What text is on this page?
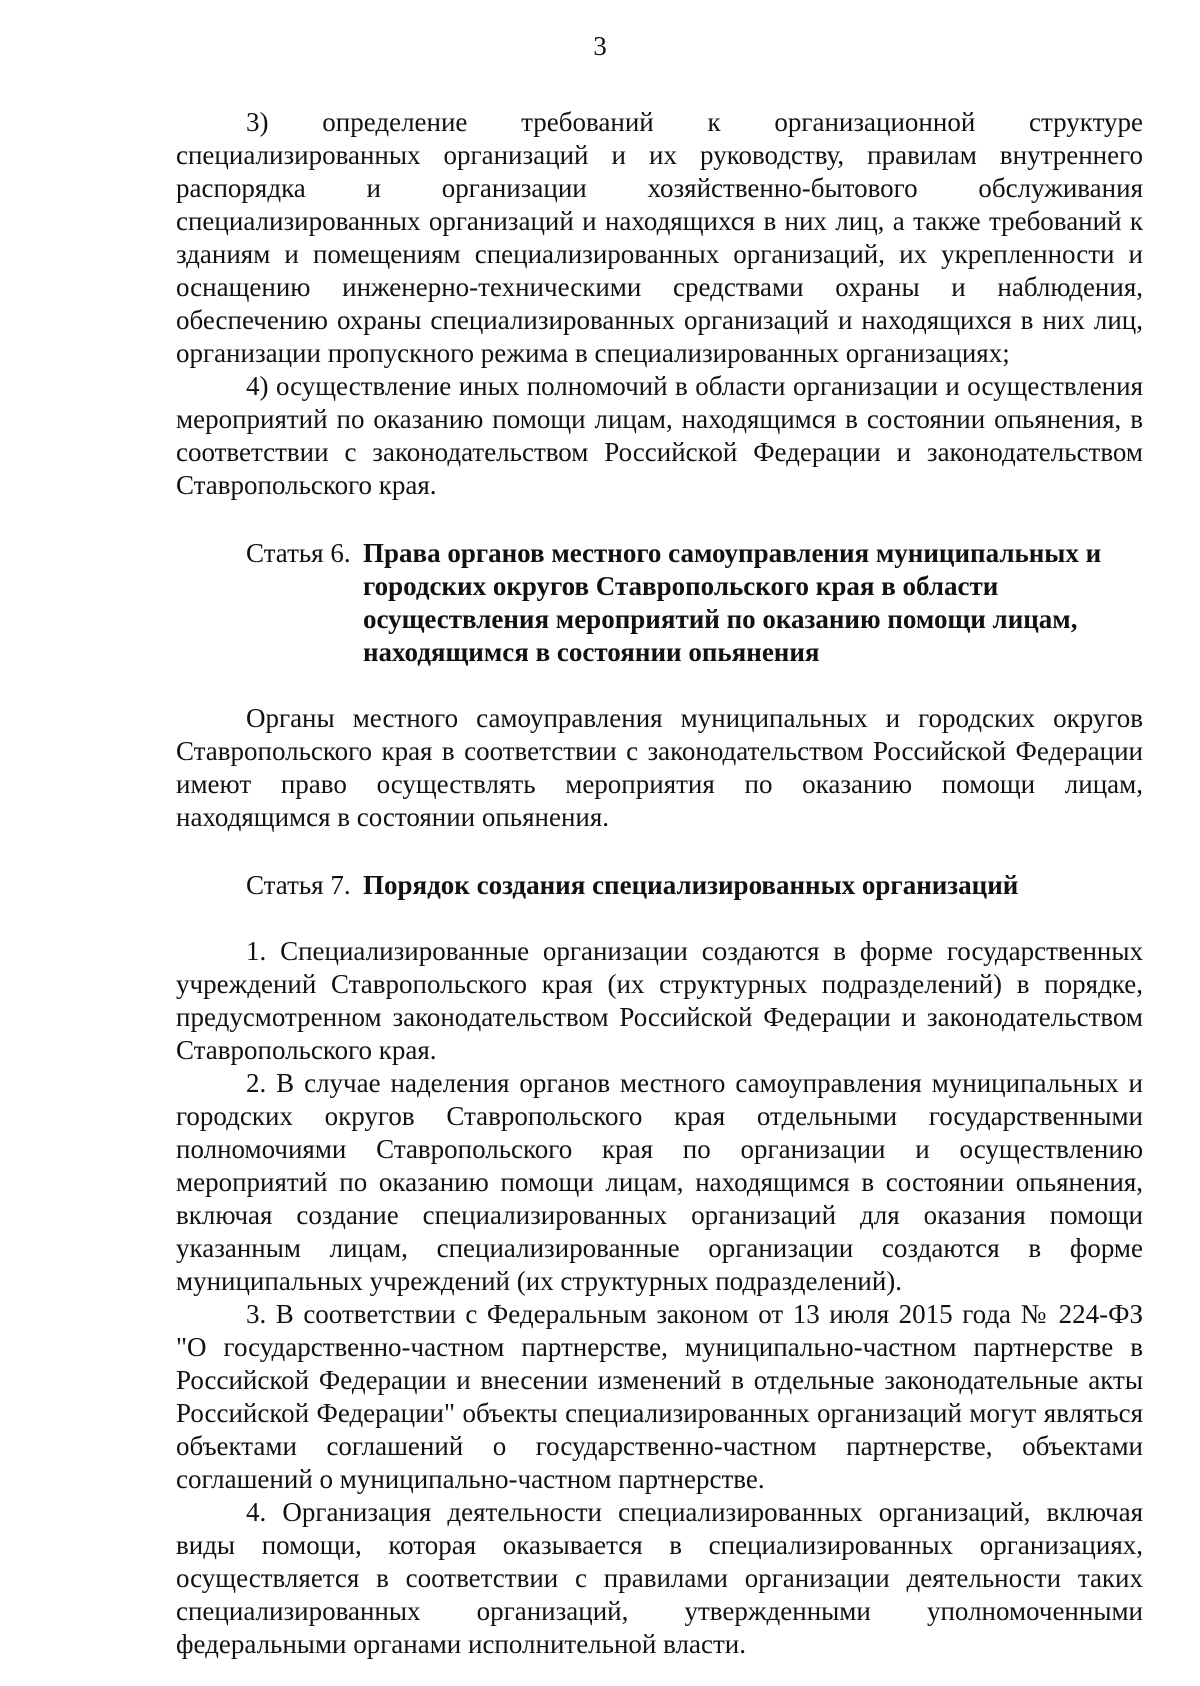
3

3) определение требований к организационной структуре специализированных организаций и их руководству, правилам внутреннего распорядка и организации хозяйственно-бытового обслуживания специализированных организаций и находящихся в них лиц, а также требований к зданиям и помещениям специализированных организаций, их укрепленности и оснащению инженерно-техническими средствами охраны и наблюдения, обеспечению охраны специализированных организаций и находящихся в них лиц, организации пропускного режима в специализированных организациях;

4) осуществление иных полномочий в области организации и осуществления мероприятий по оказанию помощи лицам, находящимся в состоянии опьянения, в соответствии с законодательством Российской Федерации и законодательством Ставропольского края.

Статья 6. Права органов местного самоуправления муниципальных и городских округов Ставропольского края в области осуществления мероприятий по оказанию помощи лицам, находящимся в состоянии опьянения

Органы местного самоуправления муниципальных и городских округов Ставропольского края в соответствии с законодательством Российской Федерации имеют право осуществлять мероприятия по оказанию помощи лицам, находящимся в состоянии опьянения.

Статья 7. Порядок создания специализированных организаций

1. Специализированные организации создаются в форме государственных учреждений Ставропольского края (их структурных подразделений) в порядке, предусмотренном законодательством Российской Федерации и законодательством Ставропольского края.

2. В случае наделения органов местного самоуправления муниципальных и городских округов Ставропольского края отдельными государственными полномочиями Ставропольского края по организации и осуществлению мероприятий по оказанию помощи лицам, находящимся в состоянии опьянения, включая создание специализированных организаций для оказания помощи указанным лицам, специализированные организации создаются в форме муниципальных учреждений (их структурных подразделений).

3. В соответствии с Федеральным законом от 13 июля 2015 года № 224-ФЗ "О государственно-частном партнерстве, муниципально-частном партнерстве в Российской Федерации и внесении изменений в отдельные законодательные акты Российской Федерации" объекты специализированных организаций могут являться объектами соглашений о государственно-частном партнерстве, объектами соглашений о муниципально-частном партнерстве.

4. Организация деятельности специализированных организаций, включая виды помощи, которая оказывается в специализированных организациях, осуществляется в соответствии с правилами организации деятельности таких специализированных организаций, утвержденными уполномоченными федеральными органами исполнительной власти.
